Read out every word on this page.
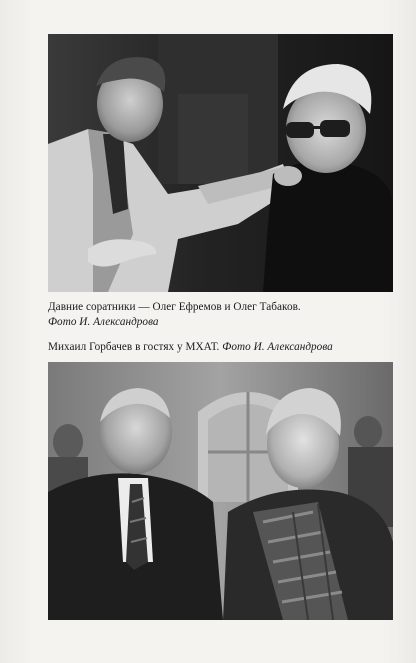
Давние соратники — Олег Ефремов и Олег Табаков.
Фото И. Александрова
Михаил Горбачев в гостях у МХАТ. Фото И. Александрова
